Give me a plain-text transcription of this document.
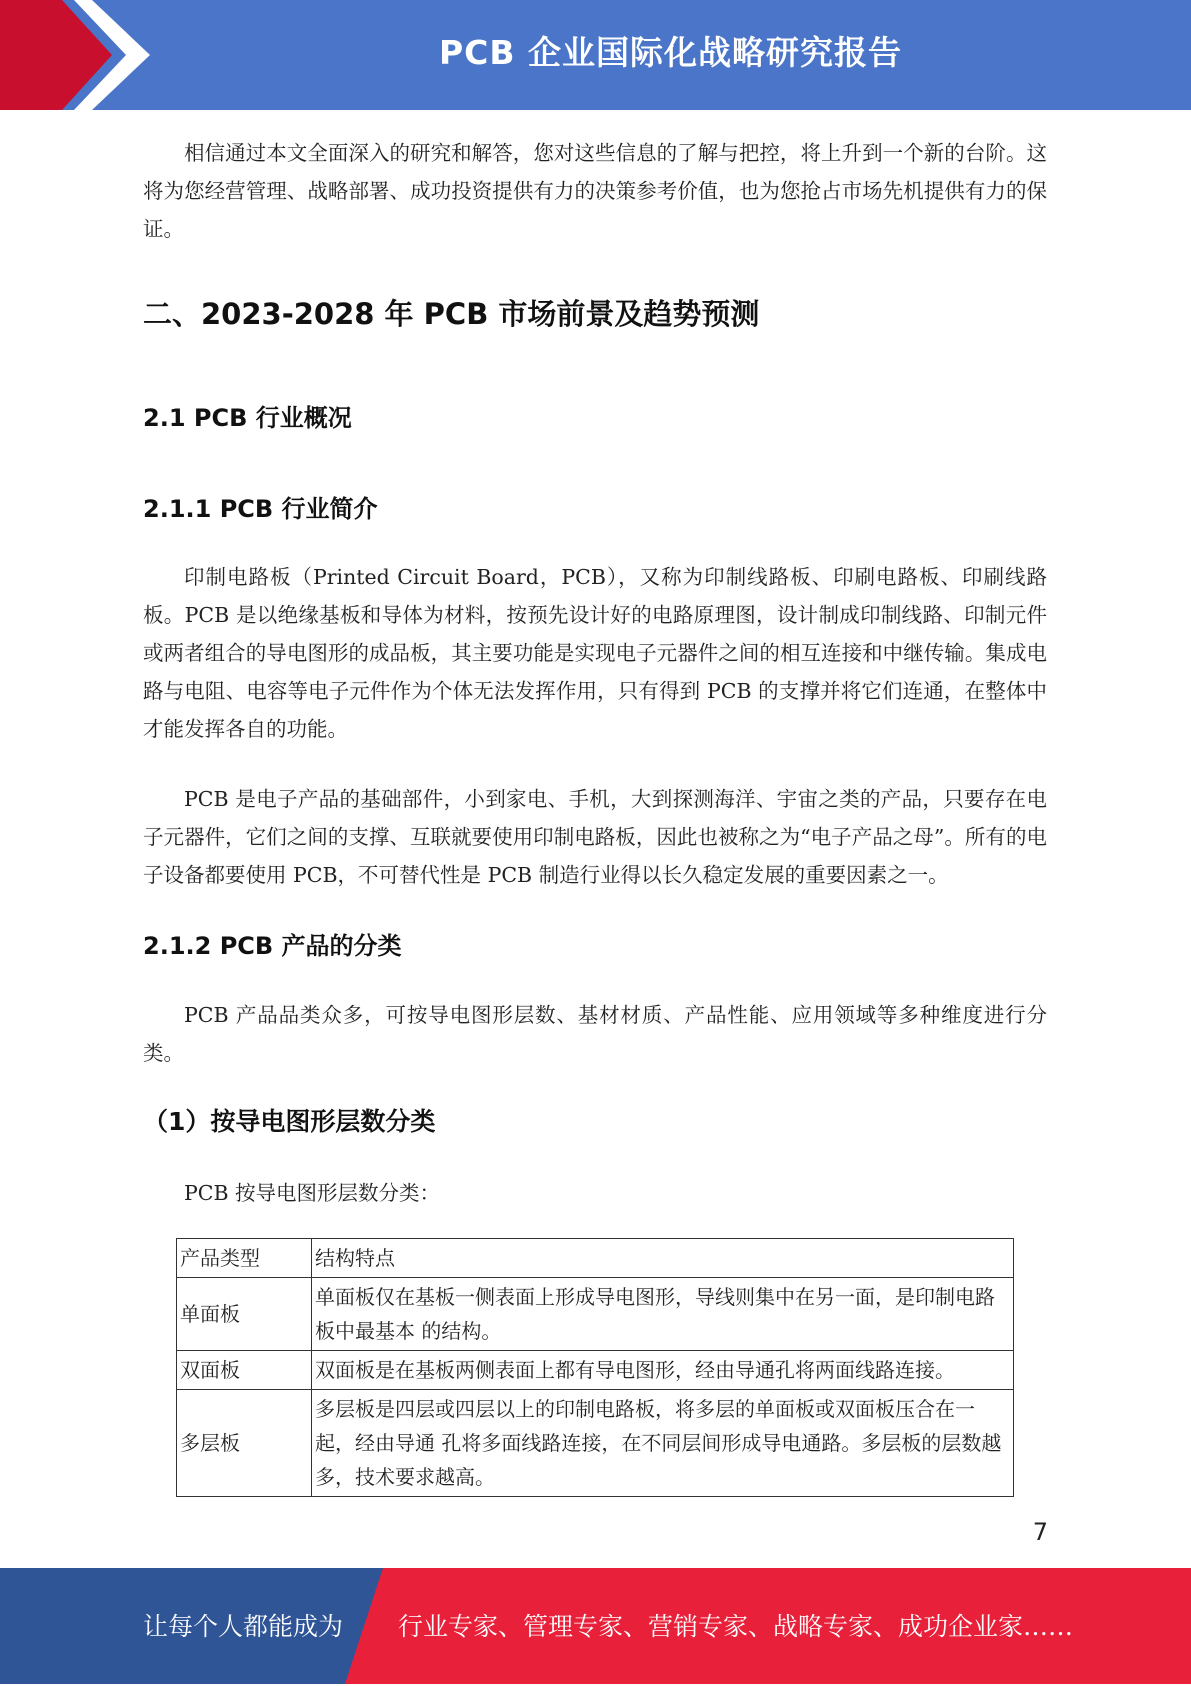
PCB 企业国际化战略研究报告

相信通过本文全面深入的研究和解答，您对这些信息的了解与把控，将上升到一个新的台阶。这将为您经营管理、战略部署、成功投资提供有力的决策参考价值，也为您抢占市场先机提供有力的保证。

二、2023-2028 年 PCB 市场前景及趋势预测
2.1 PCB 行业概况
2.1.1 PCB 行业简介

印制电路板（Printed Circuit Board，PCB），又称为印制线路板、印刷电路板、印刷线路板。PCB 是以绝缘基板和导体为材料，按预先设计好的电路原理图，设计制成印制线路、印制元件或两者组合的导电图形的成品板，其主要功能是实现电子元器件之间的相互连接和中继传输。集成电路与电阻、电容等电子元件作为个体无法发挥作用，只有得到 PCB 的支撑并将它们连通，在整体中才能发挥各自的功能。

PCB 是电子产品的基础部件，小到家电、手机，大到探测海洋、宇宙之类的产品，只要存在电子元器件，它们之间的支撑、互联就要使用印制电路板，因此也被称之为“电子产品之母”。所有的电子设备都要使用 PCB，不可替代性是 PCB 制造行业得以长久稳定发展的重要因素之一。

2.1.2 PCB 产品的分类

PCB 产品品类众多，可按导电图形层数、基材材质、产品性能、应用领域等多种维度进行分类。

（1）按导电图形层数分类

PCB 按导电图形层数分类：

产品类型	结构特点
单面板	单面板仅在基板一侧表面上形成导电图形，导线则集中在另一面，是印制电路板中最基本 的结构。
双面板	双面板是在基板两侧表面上都有导电图形，经由导通孔将两面线路连接。
多层板	多层板是四层或四层以上的印制电路板，将多层的单面板或双面板压合在一起，经由导通 孔将多面线路连接，在不同层间形成导电通路。多层板的层数越多，技术要求越高。
7
让每个人都能成为 行业专家、管理专家、营销专家、战略专家、成功企业家……
